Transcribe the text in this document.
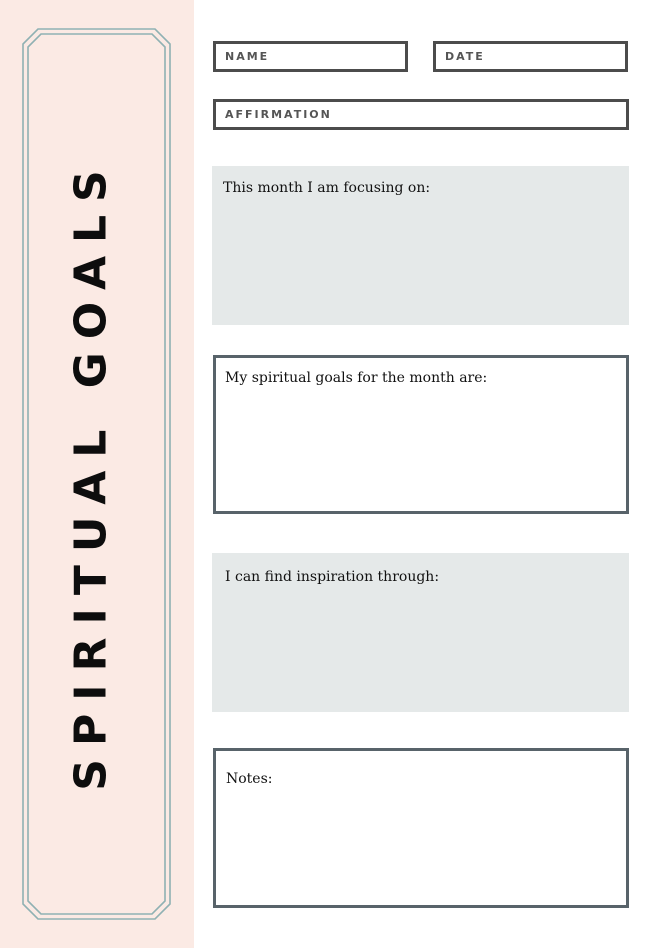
SPIRITUAL GOALS
NAME	DATE
AFFIRMATION
This month I am focusing on:
My spiritual goals for the month are:
I can find inspiration through:
Notes:
